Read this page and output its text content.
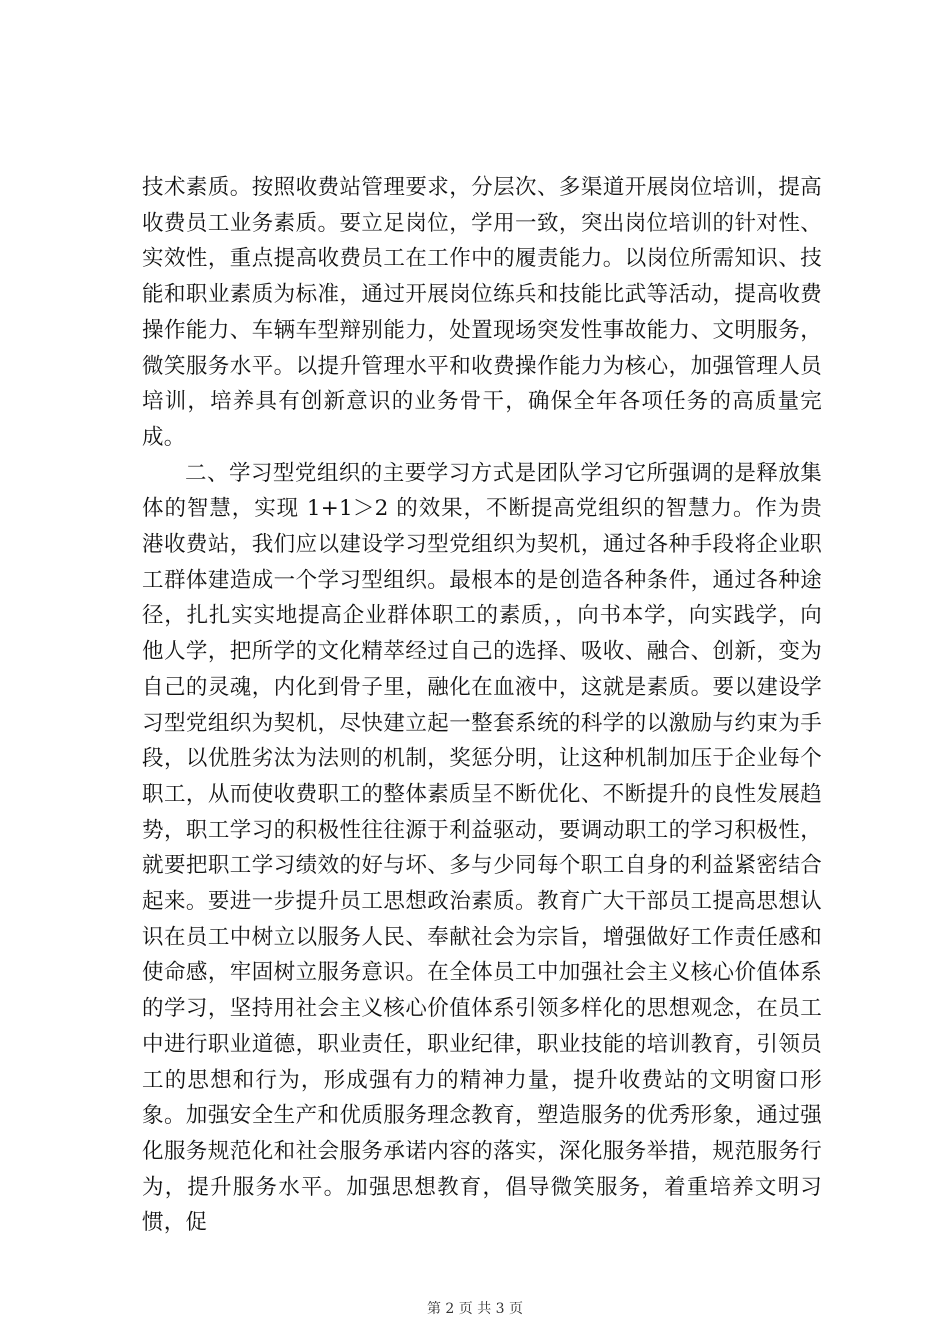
技术素质。按照收费站管理要求，分层次、多渠道开展岗位培训，提高收费员工业务素质。要立足岗位，学用一致，突出岗位培训的针对性、实效性，重点提高收费员工在工作中的履责能力。以岗位所需知识、技能和职业素质为标准，通过开展岗位练兵和技能比武等活动，提高收费操作能力、车辆车型辩别能力，处置现场突发性事故能力、文明服务，微笑服务水平。以提升管理水平和收费操作能力为核心，加强管理人员培训，培养具有创新意识的业务骨干，确保全年各项任务的高质量完成。

二、学习型党组织的主要学习方式是团队学习它所强调的是释放集体的智慧，实现 1+1＞2 的效果，不断提高党组织的智慧力。作为贵港收费站，我们应以建设学习型党组织为契机，通过各种手段将企业职工群体建造成一个学习型组织。最根本的是创造各种条件，通过各种途径，扎扎实实地提高企业群体职工的素质，，向书本学，向实践学，向他人学，把所学的文化精萃经过自己的选择、吸收、融合、创新，变为自己的灵魂，内化到骨子里，融化在血液中，这就是素质。要以建设学习型党组织为契机，尽快建立起一整套系统的科学的以激励与约束为手段，以优胜劣汰为法则的机制，奖惩分明，让这种机制加压于企业每个职工，从而使收费职工的整体素质呈不断优化、不断提升的良性发展趋势，职工学习的积极性往往源于利益驱动，要调动职工的学习积极性，就要把职工学习绩效的好与坏、多与少同每个职工自身的利益紧密结合起来。要进一步提升员工思想政治素质。教育广大干部员工提高思想认识在员工中树立以服务人民、奉献社会为宗旨，增强做好工作责任感和使命感，牢固树立服务意识。在全体员工中加强社会主义核心价值体系的学习，坚持用社会主义核心价值体系引领多样化的思想观念，在员工中进行职业道德，职业责任，职业纪律，职业技能的培训教育，引领员工的思想和行为，形成强有力的精神力量，提升收费站的文明窗口形象。加强安全生产和优质服务理念教育，塑造服务的优秀形象，通过强化服务规范化和社会服务承诺内容的落实，深化服务举措，规范服务行为，提升服务水平。加强思想教育，倡导微笑服务，着重培养文明习惯，促

第 2 页 共 3 页
